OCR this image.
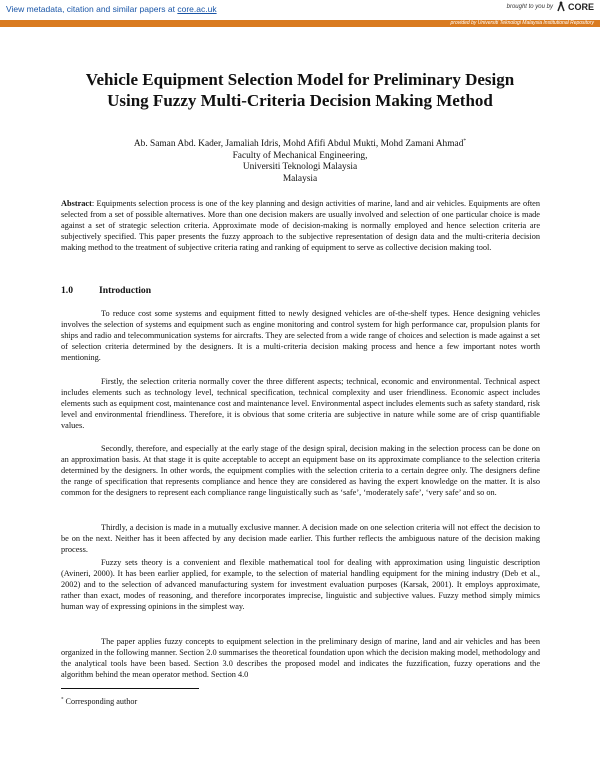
View metadata, citation and similar papers at core.ac.uk	brought to you by CORE
provided by Universiti Teknologi Malaysia Institutional Repository
Vehicle Equipment Selection Model for Preliminary Design
Using Fuzzy Multi-Criteria Decision Making Method
Ab. Saman Abd. Kader, Jamaliah Idris, Mohd Afifi Abdul Mukti, Mohd Zamani Ahmad*
Faculty of Mechanical Engineering,
Universiti Teknologi Malaysia
Malaysia
Abstract: Equipments selection process is one of the key planning and design activities of marine, land and air vehicles. Equipments are often selected from a set of possible alternatives. More than one decision makers are usually involved and selection of one particular choice is made against a set of strategic selection criteria. Approximate mode of decision-making is normally employed and hence selection criteria are subjectively specified. This paper presents the fuzzy approach to the subjective representation of design data and the multi-criteria decision making method to the treatment of subjective criteria rating and ranking of equipment to serve as collective decision making tool.
1.0	Introduction

To reduce cost some systems and equipment fitted to newly designed vehicles are of-the-shelf types. Hence designing vehicles involves the selection of systems and equipment such as engine monitoring and control system for high performance car, propulsion plants for ships and radio and telecommunication systems for aircrafts. They are selected from a wide range of choices and selection is made against a set of selection criteria determined by the designers. It is a multi-criteria decision making process and hence a few important notes worth mentioning.

Firstly, the selection criteria normally cover the three different aspects; technical, economic and environmental. Technical aspect includes elements such as technology level, technical specification, technical complexity and user friendliness. Economic aspect includes elements such as equipment cost, maintenance cost and maintenance level. Environmental aspect includes elements such as safety standard, risk level and environmental friendliness. Therefore, it is obvious that some criteria are subjective in nature while some are of crisp quantifiable values.

Secondly, therefore, and especially at the early stage of the design spiral, decision making in the selection process can be done on an approximation basis. At that stage it is quite acceptable to accept an equipment base on its approximate compliance to the selection criteria determined by the designers. In other words, the equipment complies with the selection criteria to a certain degree only. The designers define the range of specification that represents compliance and hence they are considered as having the expert knowledge on the matter. It is also common for the designers to represent each compliance range linguistically such as ‘safe’, ‘moderately safe’, ‘very safe’ and so on.

Thirdly, a decision is made in a mutually exclusive manner. A decision made on one selection criteria will not effect the decision to be on the next. Neither has it been affected by any decision made earlier. This further reflects the ambiguous nature of the decision making process.

Fuzzy sets theory is a convenient and flexible mathematical tool for dealing with approximation using linguistic description (Avineri, 2000). It has been earlier applied, for example, to the selection of material handling equipment for the mining industry (Deb et al., 2002) and to the selection of advanced manufacturing system for investment evaluation purposes (Karsak, 2001). It employs approximate, rather than exact, modes of reasoning, and therefore incorporates imprecise, linguistic and subjective values. Fuzzy method simply mimics human way of expressing opinions in the simplest way.

The paper applies fuzzy concepts to equipment selection in the preliminary design of marine, land and air vehicles and has been organized in the following manner. Section 2.0 summarises the theoretical foundation upon which the decision making model, methodology and the analytical tools have been based. Section 3.0 describes the proposed model and indicates the fuzzification, fuzzy operations and the algorithm behind the mean operator method. Section 4.0

* Corresponding author
